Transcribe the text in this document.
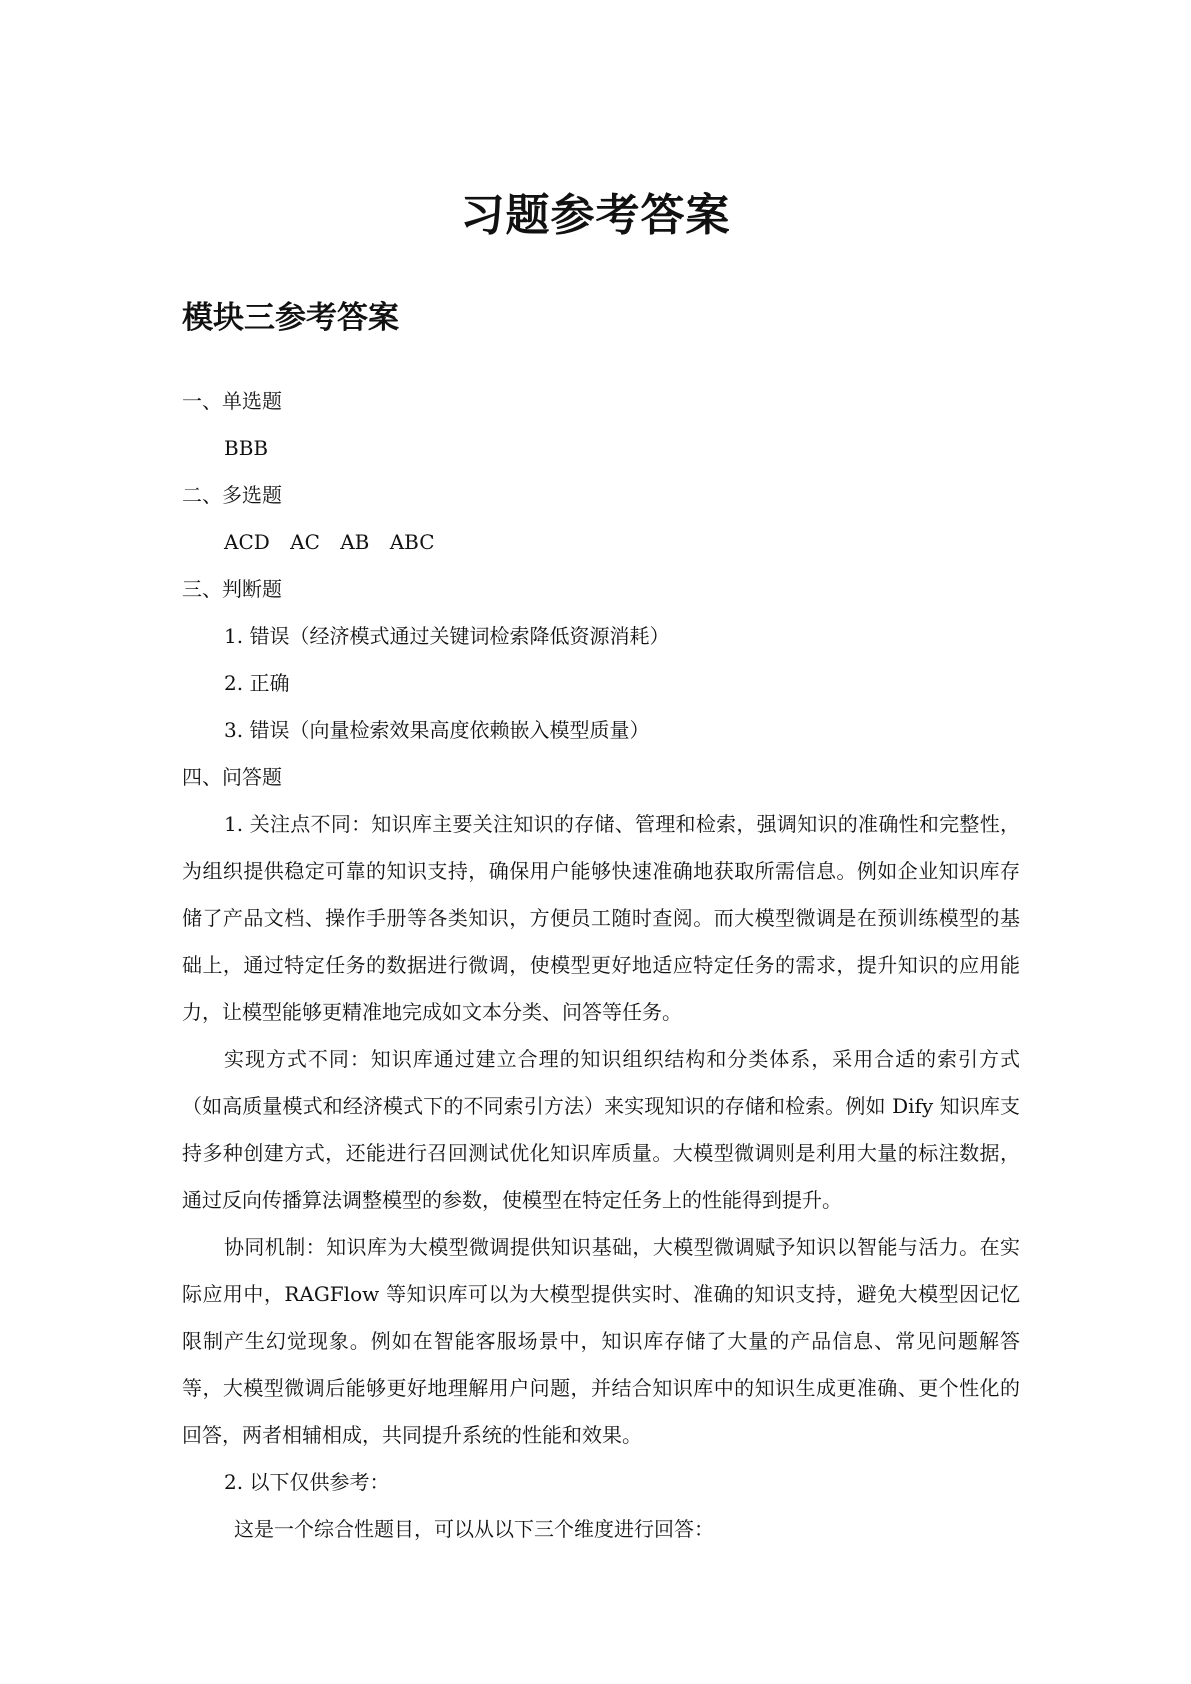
习题参考答案
模块三参考答案
一、单选题
BBB
二、多选题
ACD AC AB ABC
三、判断题
1. 错误（经济模式通过关键词检索降低资源消耗）
2. 正确
3. 错误（向量检索效果高度依赖嵌入模型质量）
四、问答题

1. 关注点不同：知识库主要关注知识的存储、管理和检索，强调知识的准确性和完整性，为组织提供稳定可靠的知识支持，确保用户能够快速准确地获取所需信息。例如企业知识库存储了产品文档、操作手册等各类知识，方便员工随时查阅。而大模型微调是在预训练模型的基础上，通过特定任务的数据进行微调，使模型更好地适应特定任务的需求，提升知识的应用能力，让模型能够更精准地完成如文本分类、问答等任务。

实现方式不同：知识库通过建立合理的知识组织结构和分类体系，采用合适的索引方式（如高质量模式和经济模式下的不同索引方法）来实现知识的存储和检索。例如 Dify 知识库支持多种创建方式，还能进行召回测试优化知识库质量。大模型微调则是利用大量的标注数据，通过反向传播算法调整模型的参数，使模型在特定任务上的性能得到提升。

协同机制：知识库为大模型微调提供知识基础，大模型微调赋予知识以智能与活力。在实际应用中，RAGFlow 等知识库可以为大模型提供实时、准确的知识支持，避免大模型因记忆限制产生幻觉现象。例如在智能客服场景中，知识库存储了大量的产品信息、常见问题解答等，大模型微调后能够更好地理解用户问题，并结合知识库中的知识生成更准确、更个性化的回答，两者相辅相成，共同提升系统的性能和效果。

2. 以下仅供参考：
这是一个综合性题目，可以从以下三个维度进行回答：
